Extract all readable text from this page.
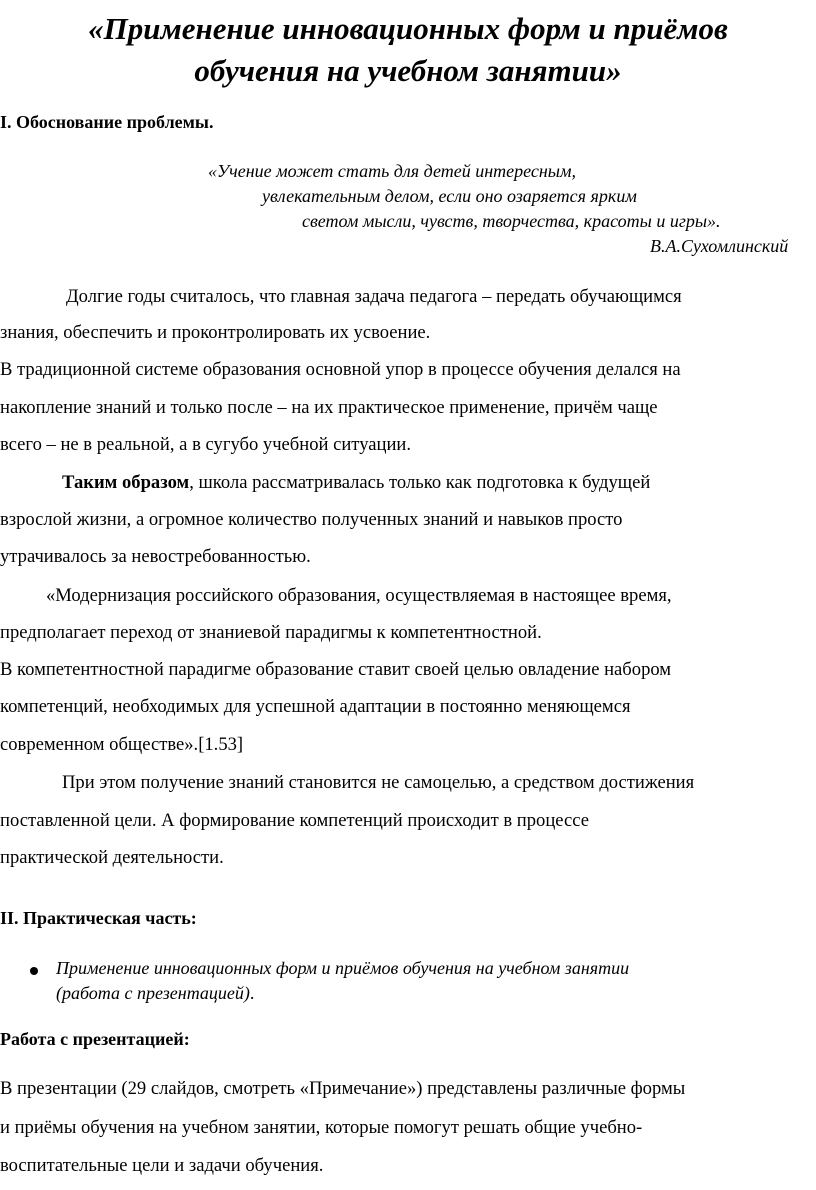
«Применение инновационных форм и приёмов
обучения на учебном занятии»

I. Обоснование проблемы.

«Учение может стать для детей интересным,

увлекательным делом, если оно озаряется ярким

светом мысли, чувств, творчества, красоты и игры».

В.А.Сухомлинский

Долгие годы считалось, что главная задача педагога – передать обучающимся

знания, обеспечить и проконтролировать их усвоение.

В традиционной системе образования основной упор в процессе обучения делался на

накопление знаний и только после – на их практическое применение, причём чаще

всего – не в реальной, а в сугубо учебной ситуации.

Таким образом, школа рассматривалась только как подготовка к будущей

взрослой жизни, а огромное количество полученных знаний и навыков просто

утрачивалось за невостребованностью.

«Модернизация российского образования, осуществляемая в настоящее время,

предполагает переход от знаниевой парадигмы к компетентностной.

В компетентностной парадигме образование ставит своей целью овладение набором

компетенций, необходимых для успешной адаптации в постоянно меняющемся

современном обществе».[1.53]

При этом получение знаний становится не самоцелью, а средством достижения

поставленной цели. А формирование компетенций происходит в процессе

практической деятельности.

II. Практическая часть:

Применение инновационных форм и приёмов обучения на учебном занятии

(работа с презентацией).

Работа с презентацией:

В презентации (29 слайдов, смотреть «Примечание») представлены различные формы

и приёмы обучения на учебном занятии, которые помогут решать общие учебно-

воспитательные цели и задачи обучения.
